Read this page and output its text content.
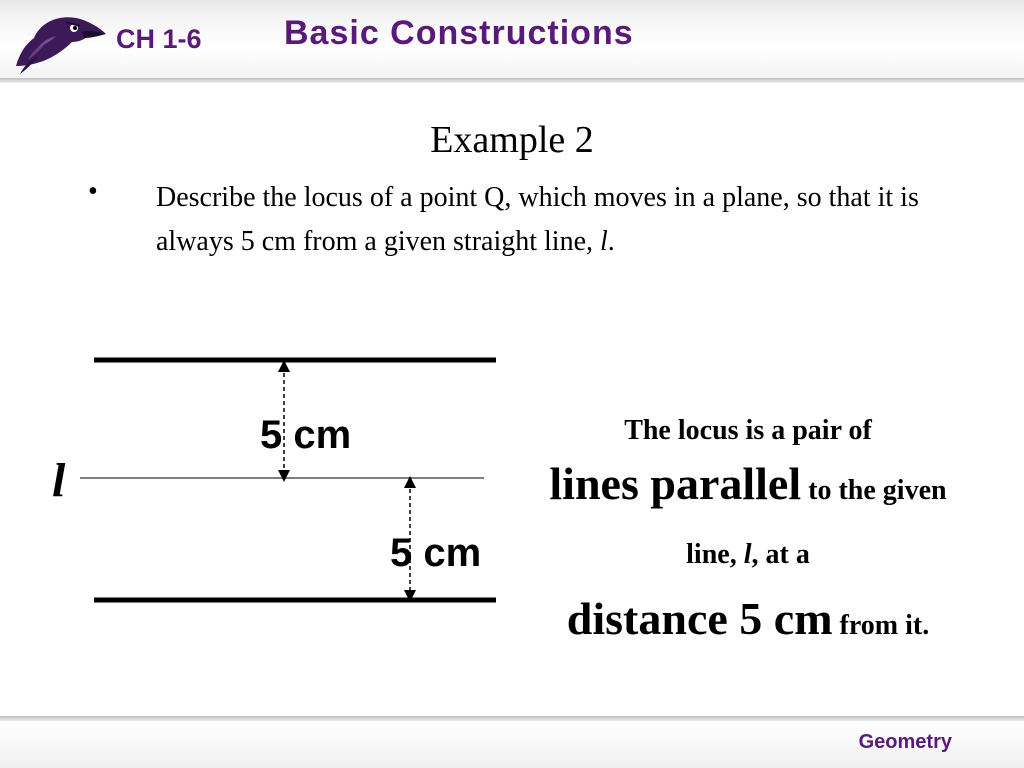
CH 1-6 Basic Constructions
Example 2
• Describe the locus of a point Q, which moves in a plane, so that it is always 5 cm from a given straight line, l.
l
5 cm
5 cm
The locus is a pair of
lines parallel to the given line, l, at a
distance 5 cm from it.
Geometry
